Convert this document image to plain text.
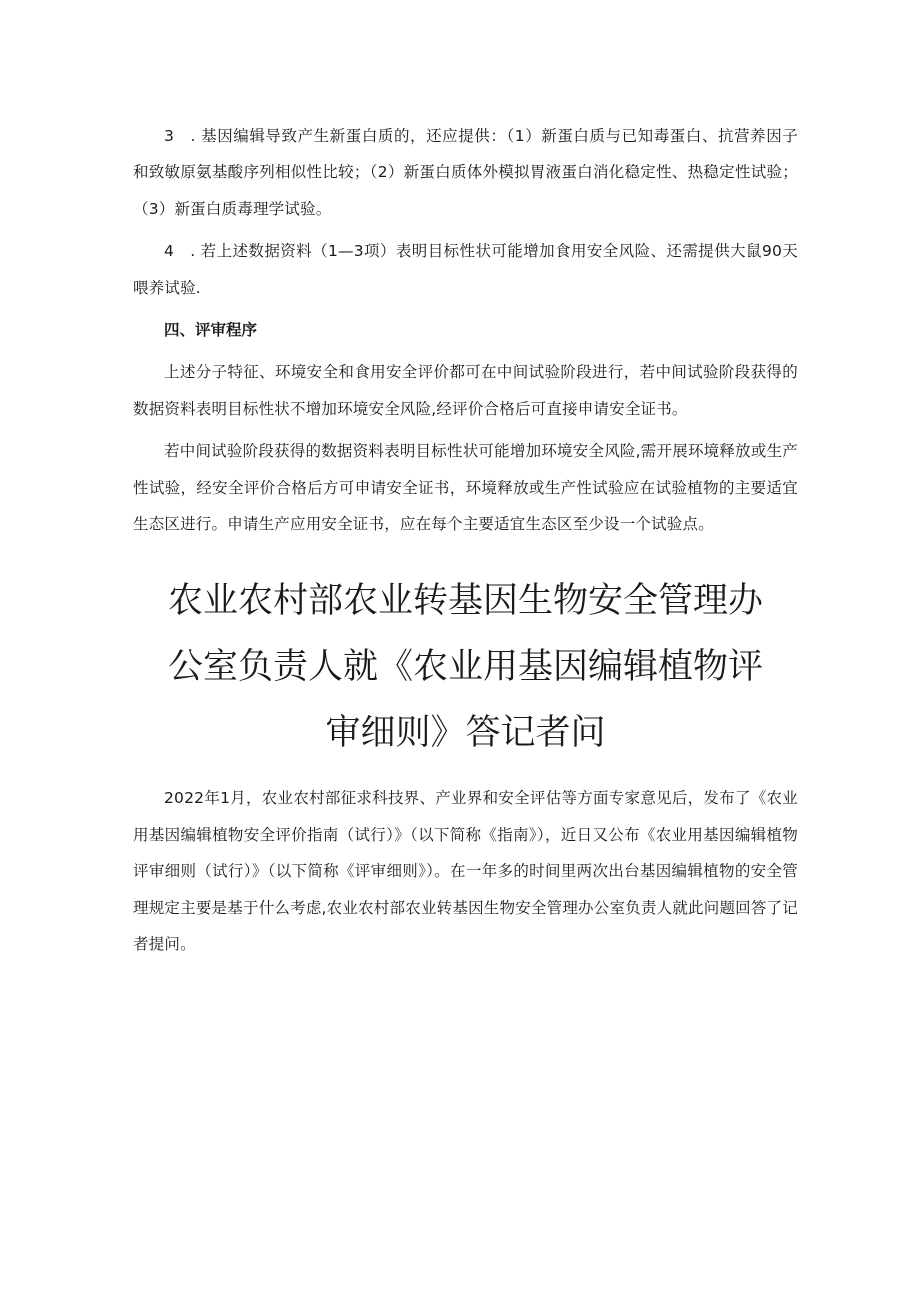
3　. 基因编辑导致产生新蛋白质的，还应提供：（1）新蛋白质与已知毒蛋白、抗营养因子和致敏原氨基酸序列相似性比较；（2）新蛋白质体外模拟胃液蛋白消化稳定性、热稳定性试验；（3）新蛋白质毒理学试验。

4　. 若上述数据资料（1—3项）表明目标性状可能增加食用安全风险、还需提供大鼠90天喂养试验.

四、评审程序

上述分子特征、环境安全和食用安全评价都可在中间试验阶段进行，若中间试验阶段获得的数据资料表明目标性状不增加环境安全风险,经评价合格后可直接申请安全证书。

若中间试验阶段获得的数据资料表明目标性状可能增加环境安全风险,需开展环境释放或生产性试验，经安全评价合格后方可申请安全证书，环境释放或生产性试验应在试验植物的主要适宜生态区进行。申请生产应用安全证书，应在每个主要适宜生态区至少设一个试验点。

农业农村部农业转基因生物安全管理办
公室负责人就《农业用基因编辑植物评
审细则》答记者问

2022年1月，农业农村部征求科技界、产业界和安全评估等方面专家意见后，发布了《农业用基因编辑植物安全评价指南（试行）》（以下简称《指南》），近日又公布《农业用基因编辑植物评审细则（试行）》（以下简称《评审细则》）。在一年多的时间里两次出台基因编辑植物的安全管理规定主要是基于什么考虑,农业农村部农业转基因生物安全管理办公室负责人就此问题回答了记者提问。
